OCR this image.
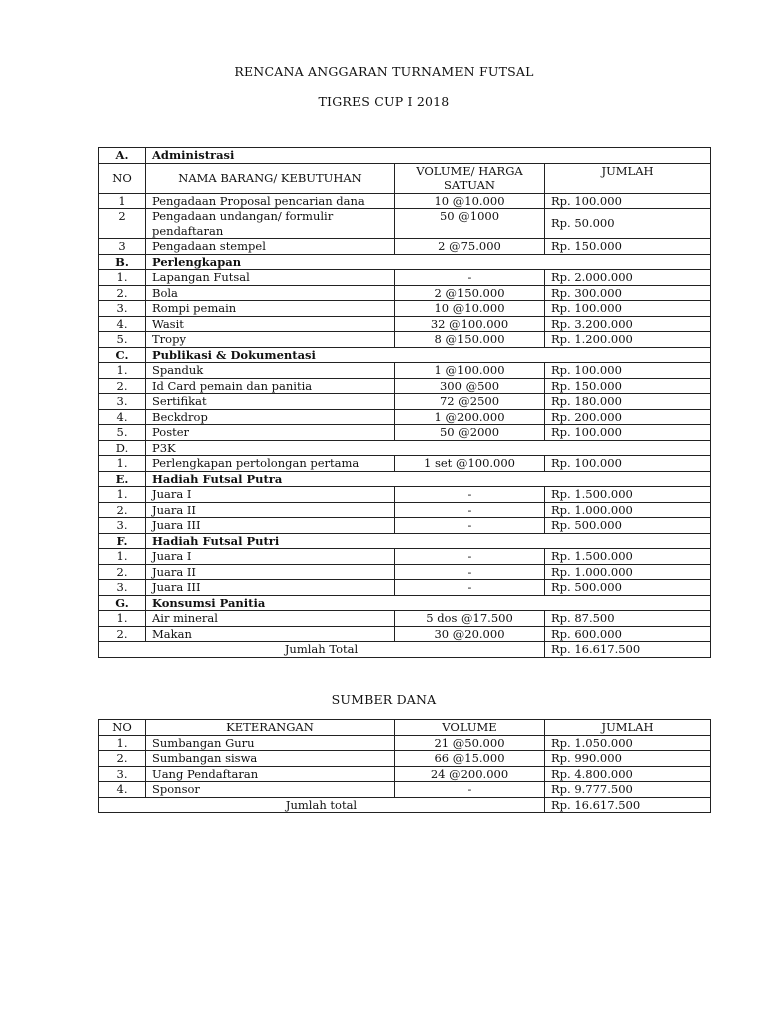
RENCANA ANGGARAN TURNAMEN FUTSAL
TIGRES CUP I 2018
A.	Administrasi		
NO	NAMA BARANG/ KEBUTUHAN	VOLUME/ HARGA SATUAN	JUMLAH
1	Pengadaan Proposal pencarian dana	10 @10.000	Rp. 100.000
2	Pengadaan undangan/ formulir pendaftaran	50 @1000	Rp. 50.000
3	Pengadaan stempel	2 @75.000	Rp. 150.000
B.	Perlengkapan		
1.	Lapangan Futsal	-	Rp. 2.000.000
2.	Bola	2 @150.000	Rp. 300.000
3.	Rompi pemain	10 @10.000	Rp. 100.000
4.	Wasit	32 @100.000	Rp. 3.200.000
5.	Tropy	8 @150.000	Rp. 1.200.000
C.	Publikasi & Dokumentasi		
1.	Spanduk	1 @100.000	Rp. 100.000
2.	Id Card pemain dan panitia	300 @500	Rp. 150.000
3.	Sertifikat	72 @2500	Rp. 180.000
4.	Beckdrop	1 @200.000	Rp. 200.000
5.	Poster	50 @2000	Rp. 100.000
D.	P3K		
1.	Perlengkapan pertolongan pertama	1 set @100.000	Rp. 100.000
E.	Hadiah Futsal Putra		
1.	Juara I	-	Rp. 1.500.000
2.	Juara II	-	Rp. 1.000.000
3.	Juara III	-	Rp. 500.000
F.	Hadiah Futsal Putri		
1.	Juara I	-	Rp. 1.500.000
2.	Juara II	-	Rp. 1.000.000
3.	Juara III	-	Rp. 500.000
G.	Konsumsi Panitia		
1.	Air mineral	5 dos @17.500	Rp. 87.500
2.	Makan	30 @20.000	Rp. 600.000
Jumlah Total			Rp. 16.617.500
SUMBER DANA
NO	KETERANGAN	VOLUME	JUMLAH
1.	Sumbangan Guru	21 @50.000	Rp. 1.050.000
2.	Sumbangan siswa	66 @15.000	Rp. 990.000
3.	Uang Pendaftaran	24 @200.000	Rp. 4.800.000
4.	Sponsor	-	Rp. 9.777.500
Jumlah total			Rp. 16.617.500
